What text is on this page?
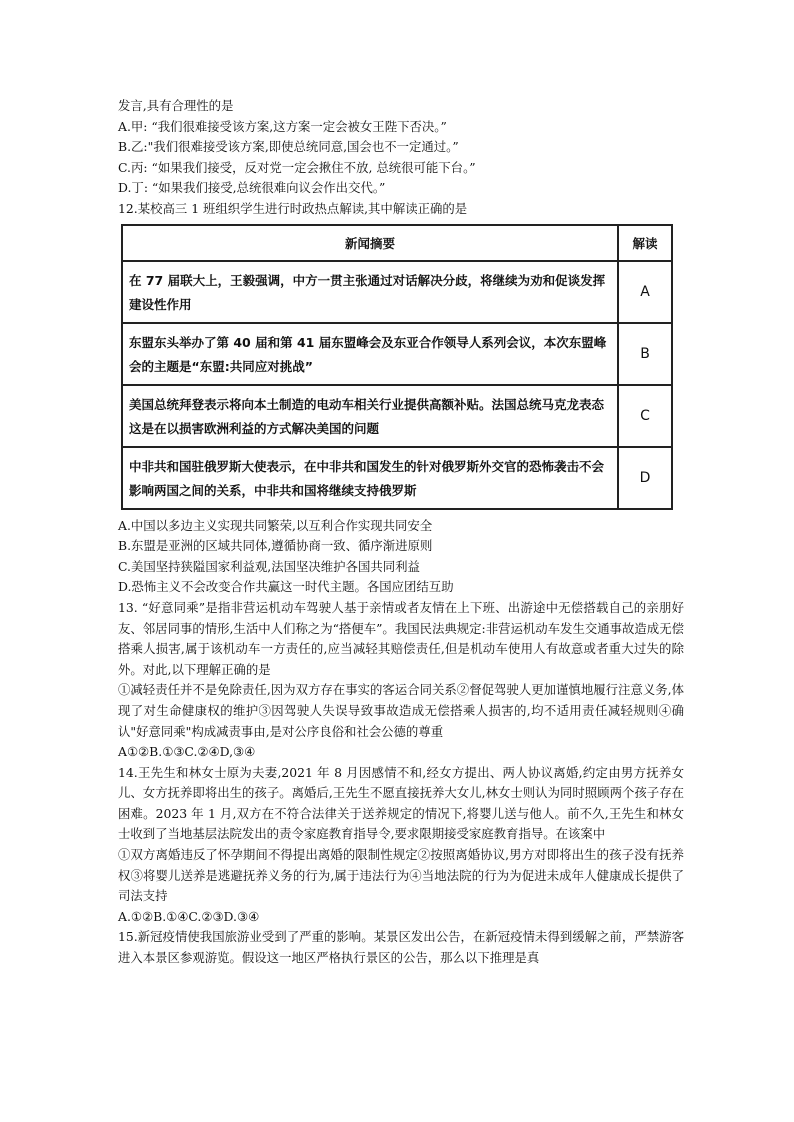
发言,具有合理性的是
A.甲: “我们很难接受该方案,这方案一定会被女王陛下否决。”
B.乙:"我们很难接受该方案,即使总统同意,国会也不一定通过。”
C.丙: “如果我们接受，反对党一定会揪住不放, 总统很可能下台。”
D.丁: “如果我们接受,总统很难向议会作出交代。”
12.某校高三 1 班组织学生进行时政热点解读,其中解读正确的是
新闻摘要	解读
在 77 届联大上，王毅强调，中方一贯主张通过对话解决分歧，将继续为劝和促谈发挥建设性作用	A
东盟东头举办了第 40 届和第 41 届东盟峰会及东亚合作领导人系列会议，本次东盟峰会的主题是“东盟:共同应对挑战”	B
美国总统拜登表示将向本土制造的电动车相关行业提供高额补贴。法国总统马克龙表态这是在以损害欧洲利益的方式解决美国的问题	C
中非共和国驻俄罗斯大使表示，在中非共和国发生的针对俄罗斯外交官的恐怖袭击不会影响两国之间的关系，中非共和国将继续支持俄罗斯	D
A.中国以多边主义实现共同繁荣,以互利合作实现共同安全
B.东盟是亚洲的区域共同体,遵循协商一致、循序渐进原则
C.美国坚持狭隘国家利益观,法国坚决维护各国共同利益
D.恐怖主义不会改变合作共赢这一时代主题。各国应团结互助
13. “好意同乘”是指非营运机动车驾驶人基于亲情或者友情在上下班、出游途中无偿搭载自己的亲朋好友、邻居同事的情形,生活中人们称之为“搭便车”。我国民法典规定:非营运机动车发生交通事故造成无偿搭乘人损害,属于该机动车一方责任的,应当减轻其赔偿责任,但是机动车使用人有故意或者重大过失的除外。对此,以下理解正确的是
①减轻责任并不是免除责任,因为双方存在事实的客运合同关系②督促驾驶人更加谨慎地履行注意义务,体现了对生命健康权的维护③因驾驶人失误导致事故造成无偿搭乘人损害的,均不适用责任减轻规则④确认"好意同乘"构成减责事由,是对公序良俗和社会公德的尊重
A①②B.①③C.②④D,③④
14.王先生和林女士原为夫妻,2021 年 8 月因感情不和,经女方提出、两人协议离婚,约定由男方抚养女儿、女方抚养即将出生的孩子。离婚后,王先生不愿直接抚养大女儿,林女士则认为同时照顾两个孩子存在困难。2023 年 1 月,双方在不符合法律关于送养规定的情况下,将婴儿送与他人。前不久,王先生和林女士收到了当地基层法院发出的责令家庭教育指导令,要求限期接受家庭教育指导。在该案中
①双方离婚违反了怀孕期间不得提出离婚的限制性规定②按照离婚协议,男方对即将出生的孩子没有抚养权③将婴儿送养是逃避抚养义务的行为,属于违法行为④当地法院的行为为促进未成年人健康成长提供了司法支持
A.①②B.①④C.②③D.③④
15.新冠疫情使我国旅游业受到了严重的影响。某景区发出公告，在新冠疫情未得到缓解之前，严禁游客进入本景区参观游览。假设这一地区严格执行景区的公告，那么以下推理是真
